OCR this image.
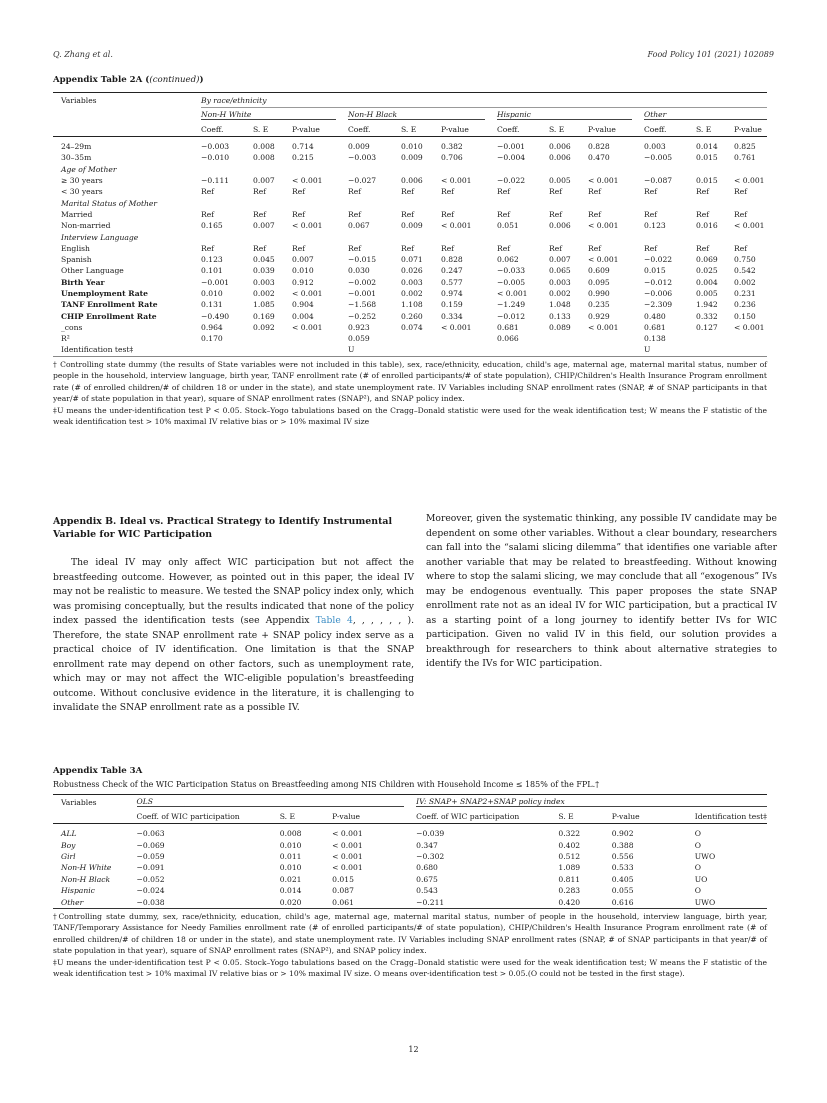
Q. Zhang et al.	Food Policy 101 (2021) 102089
Appendix Table 2A ((continued))
Variables	By race/ethnicity											

	Non-H White			Non-H Black			Hispanic			Other		

	Coeff.	S. E	P-value	Coeff.	S. E	P-value	Coeff.	S. E	P-value	Coeff.	S. E	P-value
24–29m	−0.003	0.008	0.714	0.009	0.010	0.382	−0.001	0.006	0.828	0.003	0.014	0.825
30–35m	−0.010	0.008	0.215	−0.003	0.009	0.706	−0.004	0.006	0.470	−0.005	0.015	0.761
Age of Mother												
≥ 30 years	−0.111	0.007	< 0.001	−0.027	0.006	< 0.001	−0.022	0.005	< 0.001	−0.087	0.015	< 0.001
< 30 years	Ref	Ref	Ref	Ref	Ref	Ref	Ref	Ref	Ref	Ref	Ref	Ref
Marital Status of Mother												
Married	Ref	Ref	Ref	Ref	Ref	Ref	Ref	Ref	Ref	Ref	Ref	Ref
Non-married	0.165	0.007	< 0.001	0.067	0.009	< 0.001	0.051	0.006	< 0.001	0.123	0.016	< 0.001
Interview Language												
English	Ref	Ref	Ref	Ref	Ref	Ref	Ref	Ref	Ref	Ref	Ref	Ref
Spanish	0.123	0.045	0.007	−0.015	0.071	0.828	0.062	0.007	< 0.001	−0.022	0.069	0.750
Other Language	0.101	0.039	0.010	0.030	0.026	0.247	−0.033	0.065	0.609	0.015	0.025	0.542
Birth Year	−0.001	0.003	0.912	−0.002	0.003	0.577	−0.005	0.003	0.095	−0.012	0.004	0.002
Unemployment Rate	0.010	0.002	< 0.001	−0.001	0.002	0.974	< 0.001	0.002	0.990	−0.006	0.005	0.231
TANF Enrollment Rate	0.131	1.085	0.904	−1.568	1.108	0.159	−1.249	1.048	0.235	−2.309	1.942	0.236
CHIP Enrollment Rate	−0.490	0.169	0.004	−0.252	0.260	0.334	−0.012	0.133	0.929	0.480	0.332	0.150
_cons	0.964	0.092	< 0.001	0.923	0.074	< 0.001	0.681	0.089	< 0.001	0.681	0.127	< 0.001
R²	0.170			0.059			0.066			0.138		
Identification test‡				U						U		

† Controlling state dummy (the results of State variables were not included in this table), sex, race/ethnicity, education, child's age, maternal age, maternal marital status, number of people in the household, interview language, birth year, TANF enrollment rate (# of enrolled participants/# of state population), CHIP/Children's Health Insurance Program enrollment rate (# of enrolled children/# of children 18 or under in the state), and state unemployment rate. IV Variables including SNAP enrollment rates (SNAP, # of SNAP participants in that year/# of state population in that year), square of SNAP enrollment rates (SNAP²), and SNAP policy index.
‡U means the under-identification test P < 0.05. Stock–Yogo tabulations based on the Cragg–Donald statistic were used for the weak identification test; W means the F statistic of the weak identification test > 10% maximal IV relative bias or > 10% maximal IV size
Appendix B. Ideal vs. Practical Strategy to Identify Instrumental Variable for WIC Participation

The ideal IV may only affect WIC participation but not affect the breastfeeding outcome. However, as pointed out in this paper, the ideal IV may not be realistic to measure. We tested the SNAP policy index only, which was promising conceptually, but the results indicated that none of the policy index passed the identification tests (see Appendix Table 4, , , , , , ). Therefore, the state SNAP enrollment rate + SNAP policy index serve as a practical choice of IV identification. One limitation is that the SNAP enrollment rate may depend on other factors, such as unemployment rate, which may or may not affect the WIC-eligible population's breastfeeding outcome. Without conclusive evidence in the literature, it is challenging to invalidate the SNAP enrollment rate as a possible IV.

Moreover, given the systematic thinking, any possible IV candidate may be dependent on some other variables. Without a clear boundary, researchers can fall into the “salami slicing dilemma” that identifies one variable after another variable that may be related to breastfeeding. Without knowing where to stop the salami slicing, we may conclude that all “exogenous” IVs may be endogenous eventually. This paper proposes the state SNAP enrollment rate not as an ideal IV for WIC participation, but a practical IV as a starting point of a long journey to identify better IVs for WIC participation. Given no valid IV in this field, our solution provides a breakthrough for researchers to think about alternative strategies to identify the IVs for WIC participation.

Appendix Table 3A
Robustness Check of the WIC Participation Status on Breastfeeding among NIS Children with Household Income ≤ 185% of the FPL.†
Variables	OLS			IV: SNAP+ SNAP2+SNAP policy index			

	Coeff. of WIC participation	S. E	P-value	Coeff. of WIC participation	S. E	P-value	Identification test‡
ALL	−0.063	0.008	< 0.001	−0.039	0.322	0.902	O
Boy	−0.069	0.010	< 0.001	0.347	0.402	0.388	O
Girl	−0.059	0.011	< 0.001	−0.302	0.512	0.556	UWO
Non-H White	−0.091	0.010	< 0.001	0.680	1.089	0.533	O
Non-H Black	−0.052	0.021	0.015	0.675	0.811	0.405	UO
Hispanic	−0.024	0.014	0.087	0.543	0.283	0.055	O
Other	−0.038	0.020	0.061	−0.211	0.420	0.616	UWO

†Controlling state dummy, sex, race/ethnicity, education, child's age, maternal age, maternal marital status, number of people in the household, interview language, birth year, TANF/Temporary Assistance for Needy Families enrollment rate (# of enrolled participants/# of state population), CHIP/Children's Health Insurance Program enrollment rate (# of enrolled children/# of children 18 or under in the state), and state unemployment rate. IV Variables including SNAP enrollment rates (SNAP, # of SNAP participants in that year/# of state population in that year), square of SNAP enrollment rates (SNAP²), and SNAP policy index.
‡U means the under-identification test P < 0.05. Stock–Yogo tabulations based on the Cragg–Donald statistic were used for the weak identification test; W means the F statistic of the weak identification test > 10% maximal IV relative bias or > 10% maximal IV size. O means over-identification test > 0.05.(O could not be tested in the first stage).
12
